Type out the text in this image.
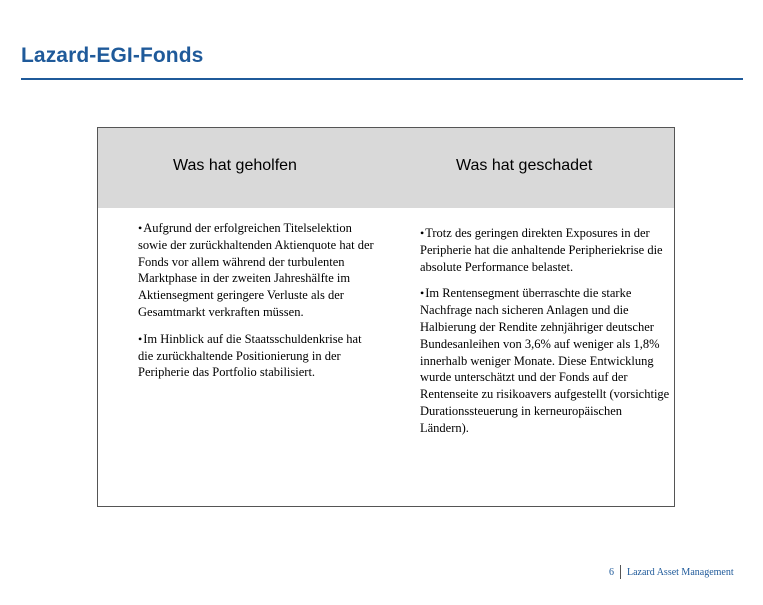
Lazard-EGI-Fonds
Was hat geholfen	Was hat geschadet

•Aufgrund der erfolgreichen Titelselektion sowie der zurückhaltenden Aktienquote hat der Fonds vor allem während der turbulenten Marktphase in der zweiten Jahreshälfte im Aktiensegment geringere Verluste als der Gesamtmarkt verkraften müssen.

•Im Hinblick auf die Staatsschuldenkrise hat die zurückhaltende Positionierung in der Peripherie das Portfolio stabilisiert.

•Trotz des geringen direkten Exposures in der Peripherie hat die anhaltende Peripheriekrise die absolute Performance belastet.

•Im Rentensegment überraschte die starke Nachfrage nach sicheren Anlagen und die Halbierung der Rendite zehnjähriger deutscher Bundesanleihen von 3,6% auf weniger als 1,8% innerhalb weniger Monate. Diese Entwicklung wurde unterschätzt und der Fonds auf der Rentenseite zu risikoavers aufgestellt (vorsichtige Durationssteuerung in kerneuropäischen Ländern).

6 Lazard Asset Management
